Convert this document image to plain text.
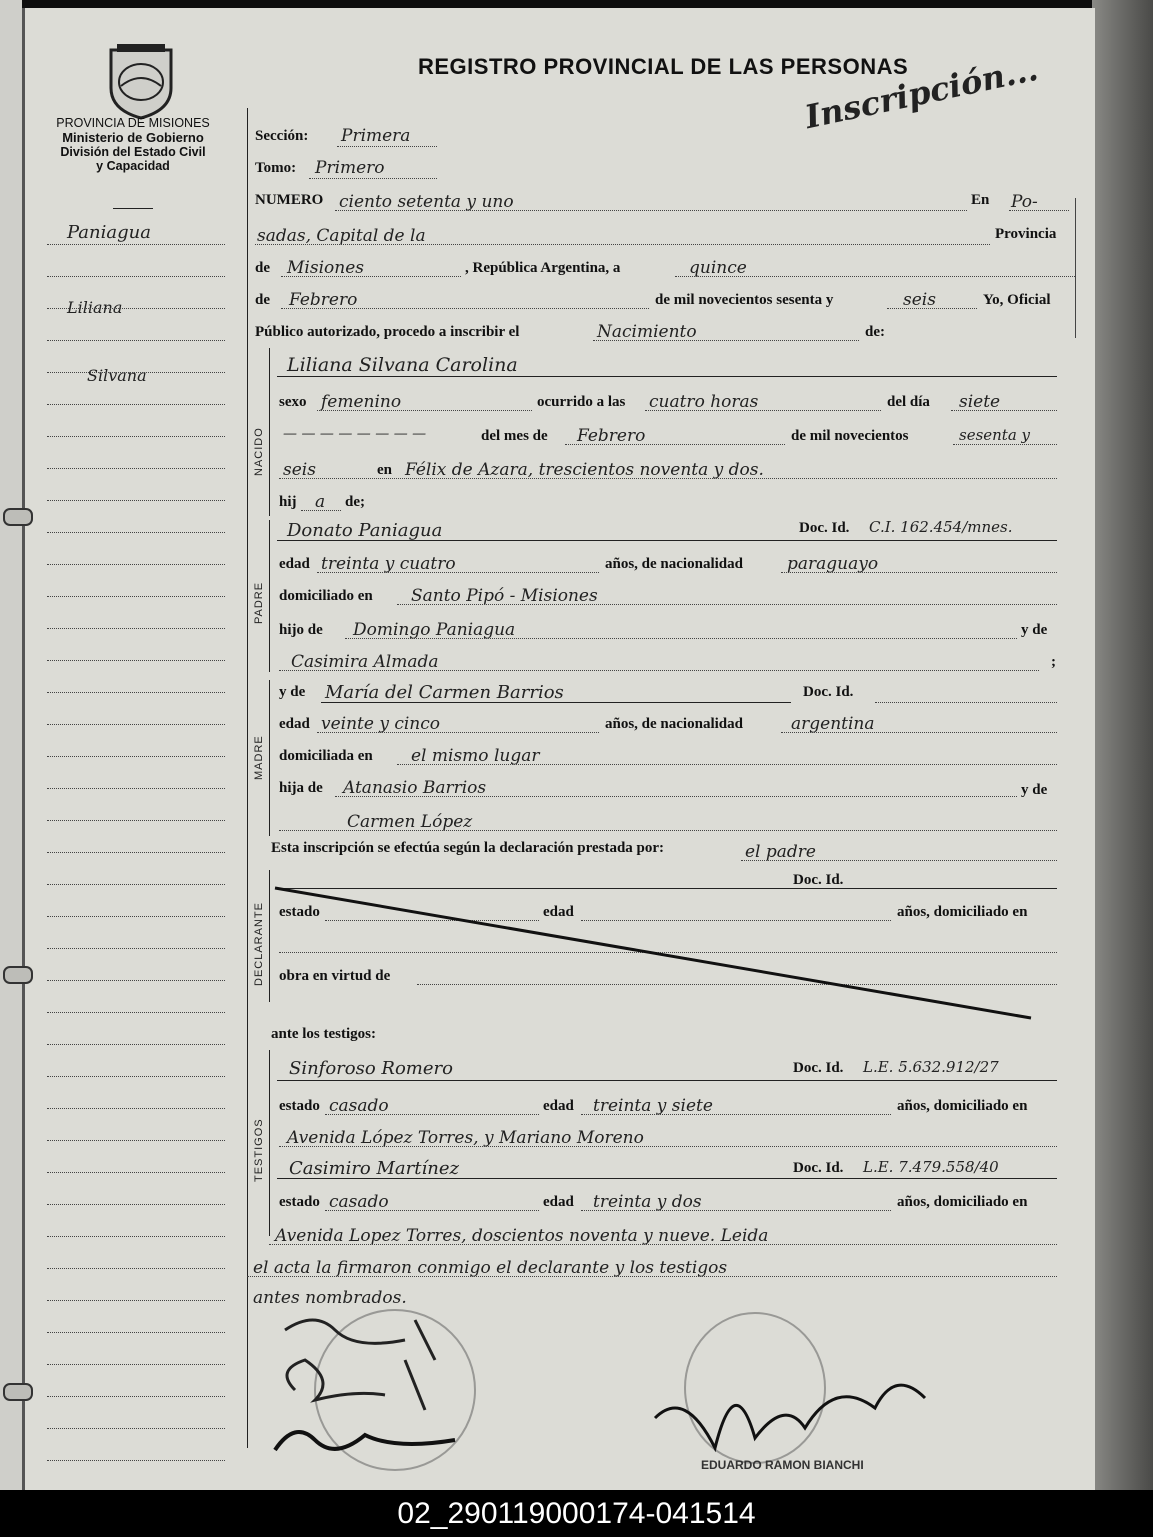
PROVINCIA DE MISIONES
Ministerio de Gobierno
División del Estado Civil
y Capacidad
REGISTRO PROVINCIAL DE LAS PERSONAS
Inscripción...
Paniagua
Liliana
Silvana
Sección: Primera
Tomo: Primero
NUMERO ciento setenta y uno	En Po-
sadas, Capital de la	Provincia
de Misiones	, República Argentina, a	quince
de Febrero	de mil novecientos sesenta y	seis	Yo, Oficial
Público autorizado, procedo a inscribir el	Nacimiento	de:
NACIDO
Liliana Silvana Carolina
sexo femenino	ocurrido a las cuatro horas	del día siete
— — — — — — — —	del mes de Febrero	de mil novecientos	sesenta y
seis	en Félix de Azara, trescientos noventa y dos.
hij a de;
PADRE
Donato Paniagua	Doc. Id. C.I. 162.454/mnes.
edad treinta y cuatro	años, de nacionalidad	paraguayo
domiciliado en Santo Pipó - Misiones
hijo de Domingo Paniagua	y de
Casimira Almada	;
MADRE
y de María del Carmen Barrios	Doc. Id.
edad veinte y cinco	años, de nacionalidad	argentina
domiciliada en el mismo lugar
hija de Atanasio Barrios	y de
Carmen López
Esta inscripción se efectúa según la declaración prestada por:	el padre
DECLARANTE
Doc. Id.
estado	edad	años, domiciliado en
obra en virtud de
ante los testigos:
TESTIGOS
Sinforoso Romero	Doc. Id. L.E. 5.632.912/27
estado casado	edad treinta y siete	años, domiciliado en
Avenida López Torres, y Mariano Moreno
Casimiro Martínez	Doc. Id. L.E. 7.479.558/40
estado casado	edad treinta y dos	años, domiciliado en
Avenida Lopez Torres, doscientos noventa y nueve. Leida
el acta la firmaron conmigo el declarante y los testigos
antes nombrados.
EDUARDO RAMON BIANCHI
02_290119000174-041514
